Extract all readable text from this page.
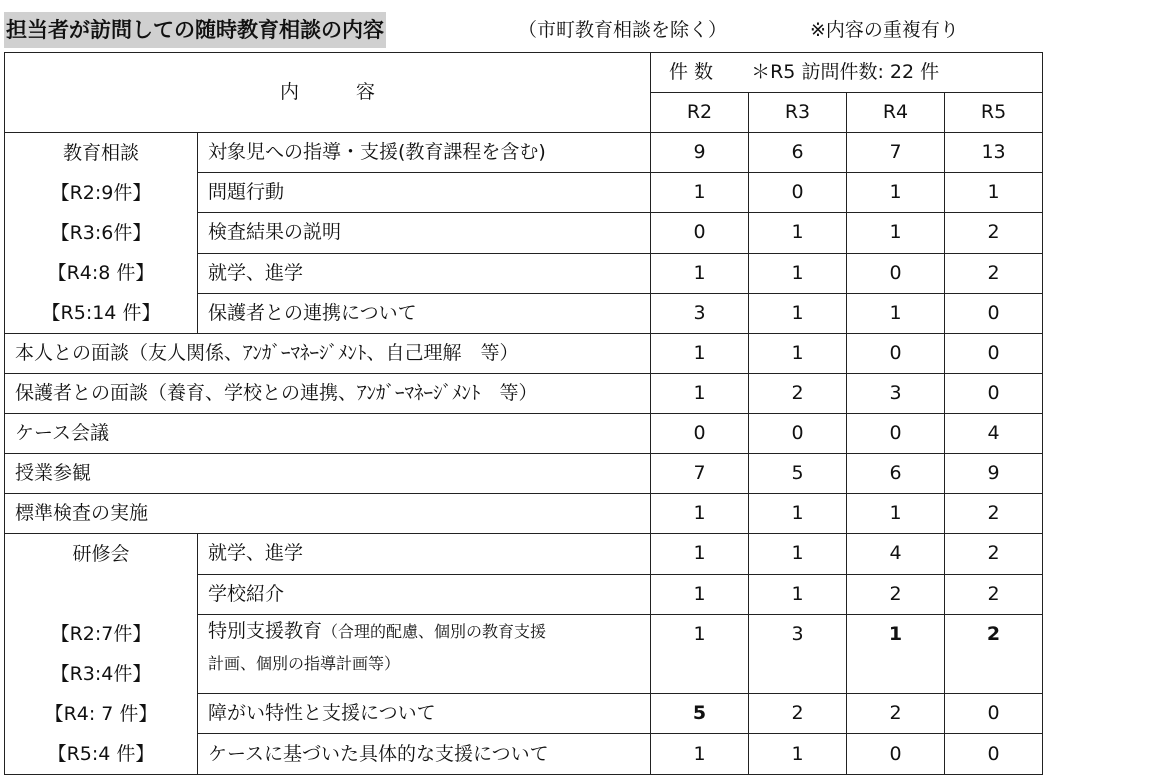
担当者が訪問しての随時教育相談の内容	（市町教育相談を除く）	※内容の重複有り
内　　　容		件 数 ＊R5 訪問件数: 22 件			
		R2	R3	R4	R5

教育相談
【R2:9件】
【R3:6件】
【R4:8 件】
【R5:14 件】	対象児への指導・支援(教育課程を含む)	9	6	7	13
	問題行動	1	0	1	1
	検査結果の説明	0	1	1	2
	就学、進学	1	1	0	2
	保護者との連携について	3	1	1	0
本人との面談（友人関係、ｱﾝｶﾞｰﾏﾈｰｼﾞﾒﾝﾄ、自己理解　等）		1	1	0	0
保護者との面談（養育、学校との連携、ｱﾝｶﾞｰﾏﾈｰｼﾞﾒﾝﾄ　等）		1	2	3	0
ケース会議		0	0	0	4
授業参観		7	5	6	9
標準検査の実施		1	1	1	2

研修会
【R2:7件】
【R3:4件】
【R4: 7 件】
【R5:4 件】	就学、進学	1	1	4	2
	学校紹介	1	1	2	2
	特別支援教育（合理的配慮、個別の教育支援
計画、個別の指導計画等）	1	3	1	2
	障がい特性と支援について	5	2	2	0
	ケースに基づいた具体的な支援について	1	1	0	0
